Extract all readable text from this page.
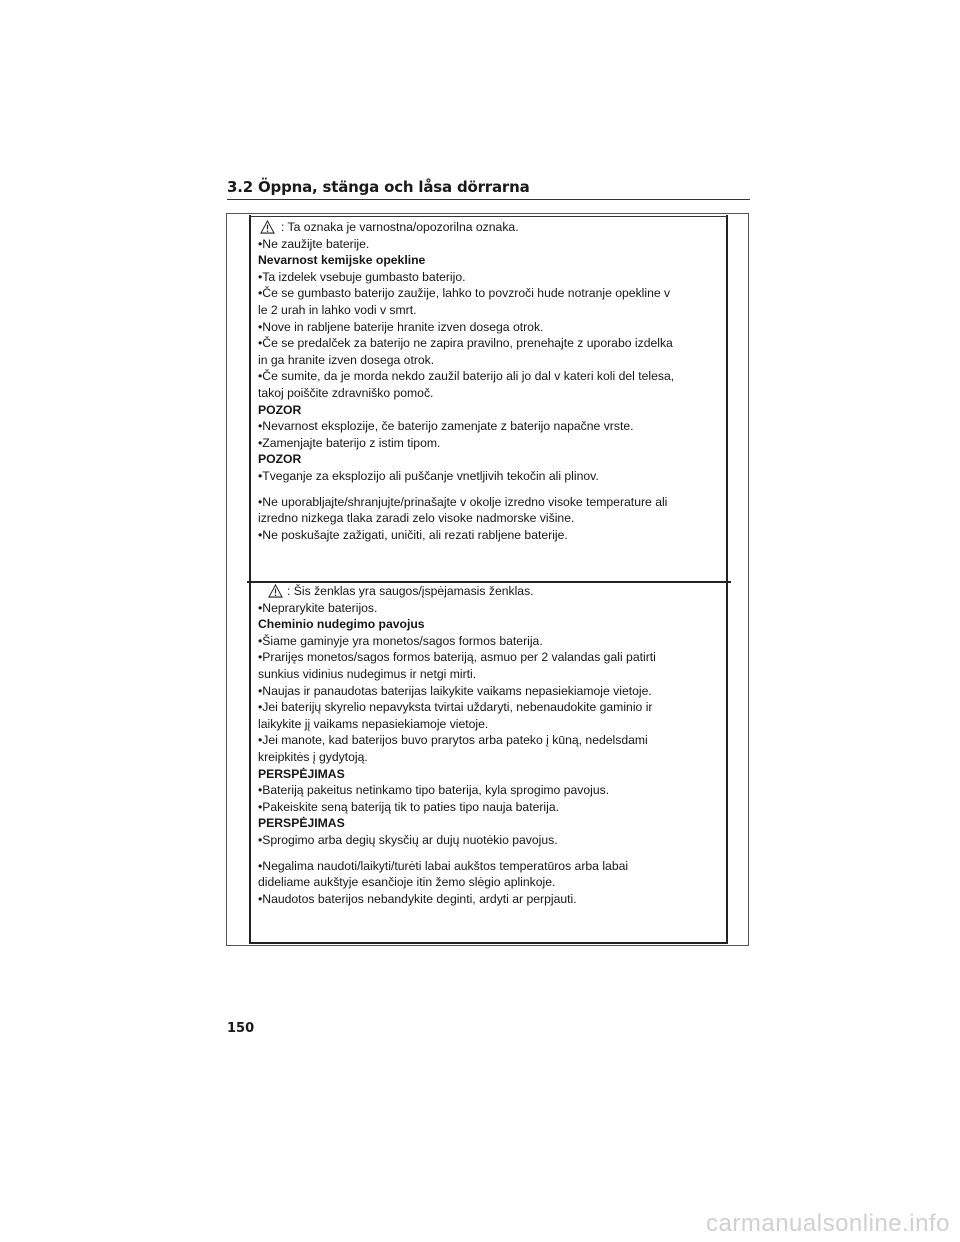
3.2 Öppna, stänga och låsa dörrarna
: Ta oznaka je varnostna/opozorilna oznaka.
•Ne zaužijte baterije.
Nevarnost kemijske opekline
•Ta izdelek vsebuje gumbasto baterijo.
•Če se gumbasto baterijo zaužije, lahko to povzroči hude notranje opekline v
le 2 urah in lahko vodi v smrt.
•Nove in rabljene baterije hranite izven dosega otrok.
•Če se predalček za baterijo ne zapira pravilno, prenehajte z uporabo izdelka
in ga hranite izven dosega otrok.
•Če sumite, da je morda nekdo zaužil baterijo ali jo dal v kateri koli del telesa,
takoj poiščite zdravniško pomoč.
POZOR
•Nevarnost eksplozije, če baterijo zamenjate z baterijo napačne vrste.
•Zamenjajte baterijo z istim tipom.
POZOR
•Tveganje za eksplozijo ali puščanje vnetljivih tekočin ali plinov.
•Ne uporabljajte/shranjujte/prinašajte v okolje izredno visoke temperature ali
izredno nizkega tlaka zaradi zelo visoke nadmorske višine.
•Ne poskušajte zažigati, uničiti, ali rezati rabljene baterije.
: Šis ženklas yra saugos/įspėjamasis ženklas.
•Neprarykite baterijos.
Cheminio nudegimo pavojus
•Šiame gaminyje yra monetos/sagos formos baterija.
•Prarijęs monetos/sagos formos bateriją, asmuo per 2 valandas gali patirti
sunkius vidinius nudegimus ir netgi mirti.
•Naujas ir panaudotas baterijas laikykite vaikams nepasiekiamoje vietoje.
•Jei baterijų skyrelio nepavyksta tvirtai uždaryti, nebenaudokite gaminio ir
laikykite jį vaikams nepasiekiamoje vietoje.
•Jei manote, kad baterijos buvo prarytos arba pateko į kūną, nedelsdami
kreipkitės į gydytoją.
PERSPĖJIMAS
•Bateriją pakeitus netinkamo tipo baterija, kyla sprogimo pavojus.
•Pakeiskite seną bateriją tik to paties tipo nauja baterija.
PERSPĖJIMAS
•Sprogimo arba degių skysčių ar dujų nuotėkio pavojus.
•Negalima naudoti/laikyti/turėti labai aukštos temperatūros arba labai
dideliame aukštyje esančioje itin žemo slėgio aplinkoje.
•Naudotos baterijos nebandykite deginti, ardyti ar perpjauti.
150
carmanualsonline.info
